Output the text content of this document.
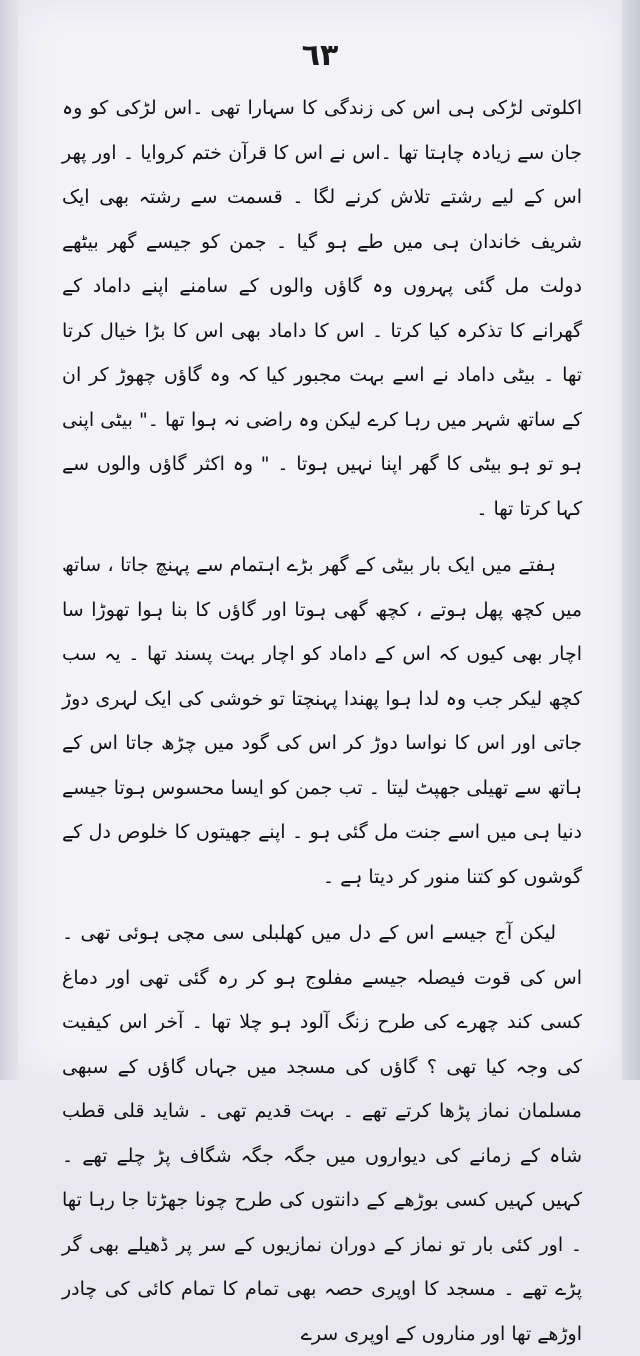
٦٣

اکلوتی لڑکی ہی اس کی زندگی کا سہارا تھی ۔اس لڑکی کو وہ جان سے زیادہ چاہتا تھا ۔اس نے اس کا قرآن ختم کروایا ۔ اور پھر اس کے لیے رشتے تلاش کرنے لگا ۔ قسمت سے رشتہ بھی ایک شریف خاندان ہی میں طے ہو گیا ۔ جمن کو جیسے گھر بیٹھے دولت مل گئی پہروں وہ گاؤں والوں کے سامنے اپنے داماد کے گھرانے کا تذکرہ کیا کرتا ۔ اس کا داماد بھی اس کا بڑا خیال کرتا تھا ۔ بیٹی داماد نے اسے بہت مجبور کیا کہ وہ گاؤں چھوڑ کر ان کے ساتھ شہر میں رہا کرے لیکن وہ راضی نہ ہوا تھا ۔" بیٹی اپنی ہو تو ہو بیٹی کا گھر اپنا نہیں ہوتا ۔ " وہ اکثر گاؤں والوں سے کہا کرتا تھا ۔

ہفتے میں ایک بار بیٹی کے گھر بڑے اہتمام سے پہنچ جاتا ، ساتھ میں کچھ پھل ہوتے ، کچھ گھی ہوتا اور گاؤں کا بنا ہوا تھوڑا سا اچار بھی کیوں کہ اس کے داماد کو اچار بہت پسند تھا ۔ یہ سب کچھ لیکر جب وہ لدا ہوا پھندا پہنچتا تو خوشی کی ایک لہری دوڑ جاتی اور اس کا نواسا دوڑ کر اس کی گود میں چڑھ جاتا اس کے ہاتھ سے تھیلی جھپٹ لیتا ۔ تب جمن کو ایسا محسوس ہوتا جیسے دنیا ہی میں اسے جنت مل گئی ہو ۔ اپنے جھیتوں کا خلوص دل کے گوشوں کو کتنا منور کر دیتا ہے ۔

لیکن آج جیسے اس کے دل میں کھلبلی سی مچی ہوئی تھی ۔ اس کی قوت فیصلہ جیسے مفلوج ہو کر رہ گئی تھی اور دماغ کسی کند چھرے کی طرح زنگ آلود ہو چلا تھا ۔ آخر اس کیفیت کی وجہ کیا تھی ؟ گاؤں کی مسجد میں جہاں گاؤں کے سبھی مسلمان نماز پڑھا کرتے تھے ۔ بہت قدیم تھی ۔ شاید قلی قطب شاہ کے زمانے کی دیواروں میں جگہ جگہ شگاف پڑ چلے تھے ۔ کہیں کہیں کسی بوڑھے کے دانتوں کی طرح چونا جھڑتا جا رہا تھا ۔ اور کئی بار تو نماز کے دوران نمازیوں کے سر پر ڈھیلے بھی گر پڑے تھے ۔ مسجد کا اوپری حصہ بھی تمام کا تمام کائی کی چادر اوڑھے تھا اور مناروں کے اوپری سرے
